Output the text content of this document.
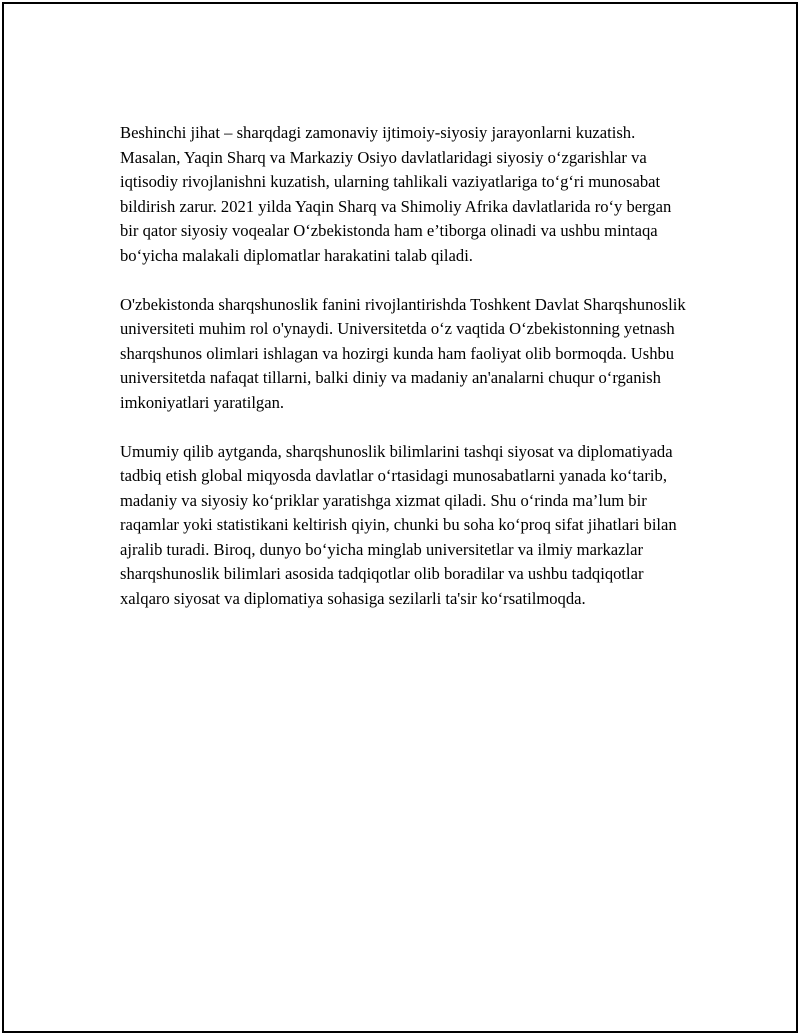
Beshinchi jihat – sharqdagi zamonaviy ijtimoiy-siyosiy jarayonlarni kuzatish. Masalan, Yaqin Sharq va Markaziy Osiyo davlatlaridagi siyosiy o‘zgarishlar va iqtisodiy rivojlanishni kuzatish, ularning tahlikali vaziyatlariga to‘g‘ri munosabat bildirish zarur. 2021 yilda Yaqin Sharq va Shimoliy Afrika davlatlarida ro‘y bergan bir qator siyosiy voqealar O‘zbekistonda ham e’tiborga olinadi va ushbu mintaqa bo‘yicha malakali diplomatlar harakatini talab qiladi.

O'zbekistonda sharqshunoslik fanini rivojlantirishda Toshkent Davlat Sharqshunoslik universiteti muhim rol o'ynaydi. Universitetda o‘z vaqtida O‘zbekistonning yetnash sharqshunos olimlari ishlagan va hozirgi kunda ham faoliyat olib bormoqda. Ushbu universitetda nafaqat tillarni, balki diniy va madaniy an'analarni chuqur o‘rganish imkoniyatlari yaratilgan.

Umumiy qilib aytganda, sharqshunoslik bilimlarini tashqi siyosat va diplomatiyada tadbiq etish global miqyosda davlatlar o‘rtasidagi munosabatlarni yanada ko‘tarib, madaniy va siyosiy ko‘priklar yaratishga xizmat qiladi. Shu o‘rinda ma’lum bir raqamlar yoki statistikani keltirish qiyin, chunki bu soha ko‘proq sifat jihatlari bilan ajralib turadi. Biroq, dunyo bo‘yicha minglab universitetlar va ilmiy markazlar sharqshunoslik bilimlari asosida tadqiqotlar olib boradilar va ushbu tadqiqotlar xalqaro siyosat va diplomatiya sohasiga sezilarli ta'sir ko‘rsatilmoqda.
